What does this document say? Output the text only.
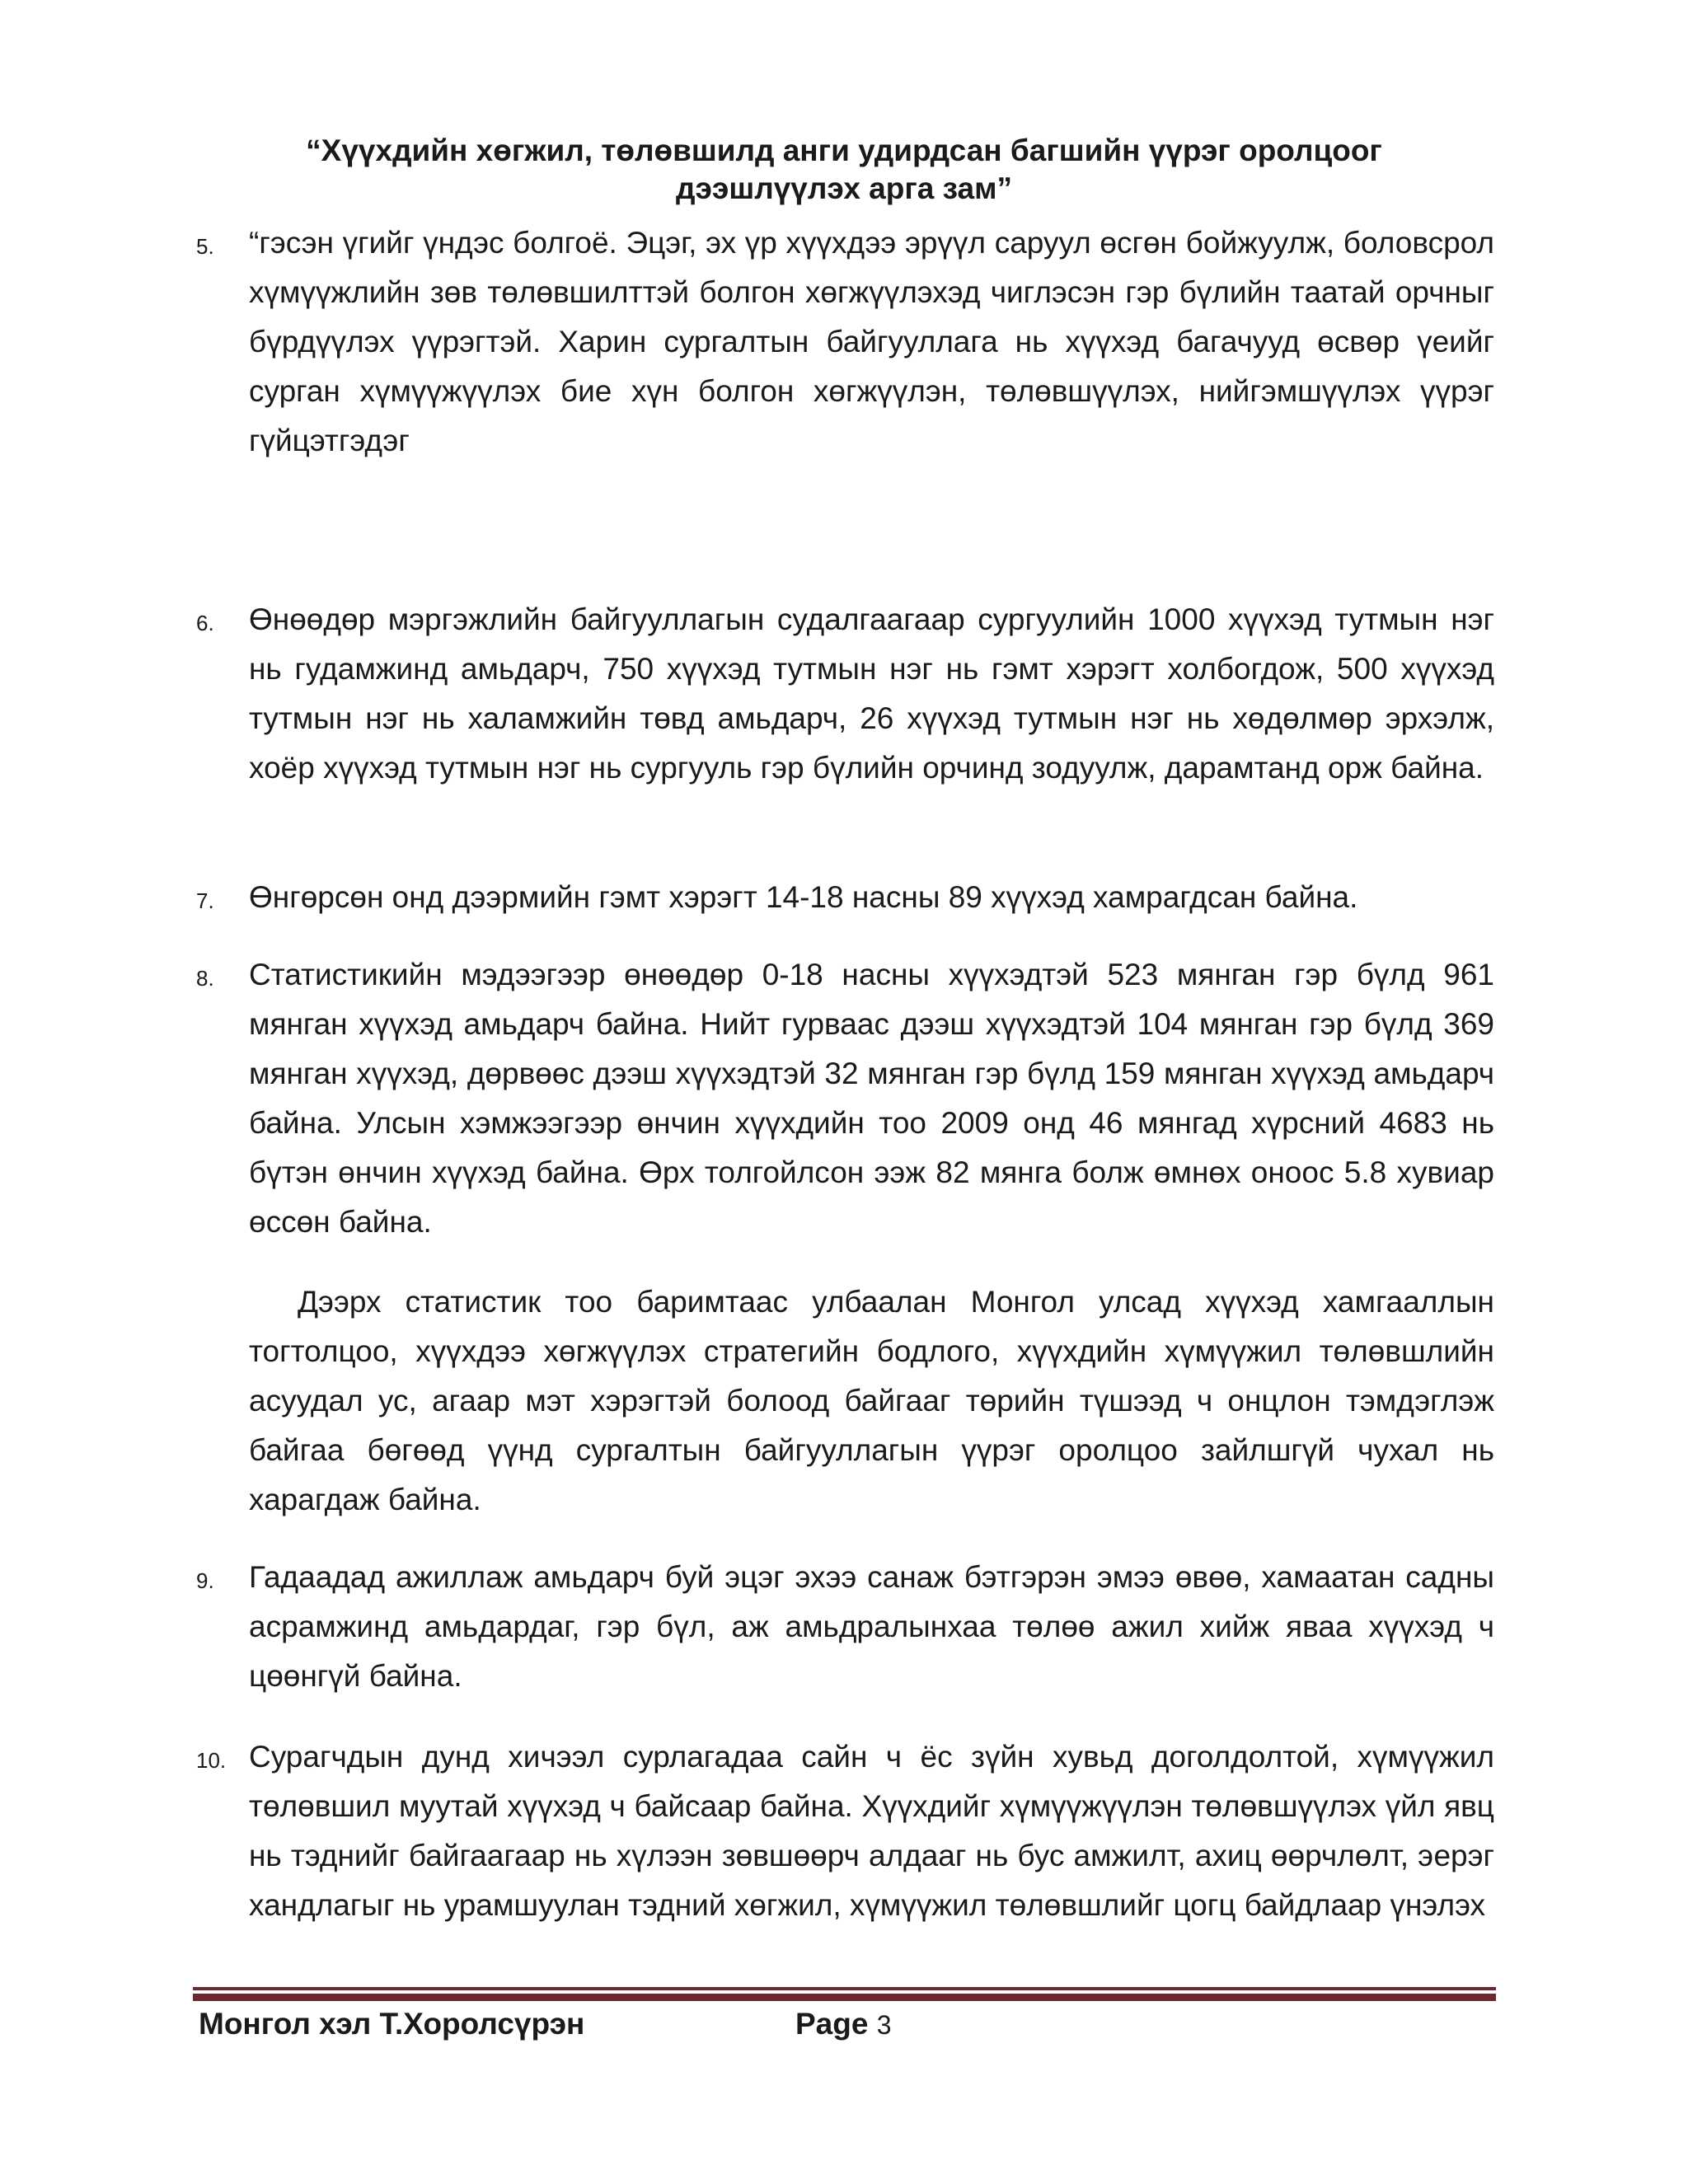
“Хүүхдийн хөгжил, төлөвшилд анги удирдсан багшийн үүрэг оролцоог
дээшлүүлэх арга зам”
5. “гэсэн үгийг үндэс болгоё. Эцэг, эх үр хүүхдээ эрүүл саруул өсгөн бойжуулж, боловсрол хүмүүжлийн зөв төлөвшилттэй болгон хөгжүүлэхэд чиглэсэн гэр бүлийн таатай орчныг бүрдүүлэх үүрэгтэй. Харин сургалтын байгууллага нь хүүхэд багачууд өсвөр үеийг сурган хүмүүжүүлэх бие хүн болгон хөгжүүлэн, төлөвшүүлэх, нийгэмшүүлэх үүрэг гүйцэтгэдэг
6. Өнөөдөр мэргэжлийн байгууллагын судалгаагаар сургуулийн 1000 хүүхэд тутмын нэг нь гудамжинд амьдарч, 750 хүүхэд тутмын нэг нь гэмт хэрэгт холбогдож, 500 хүүхэд тутмын нэг нь халамжийн төвд амьдарч, 26 хүүхэд тутмын нэг нь хөдөлмөр эрхэлж, хоёр хүүхэд тутмын нэг нь сургууль гэр бүлийн орчинд зодуулж, дарамтанд орж байна.
7. Өнгөрсөн онд дээрмийн гэмт хэрэгт 14-18 насны 89 хүүхэд хамрагдсан байна.
8. Статистикийн мэдээгээр өнөөдөр 0-18 насны хүүхэдтэй 523 мянган гэр бүлд 961 мянган хүүхэд амьдарч байна. Нийт гурваас дээш хүүхэдтэй 104 мянган гэр бүлд 369 мянган хүүхэд, дөрвөөс дээш хүүхэдтэй 32 мянган гэр бүлд 159 мянган хүүхэд амьдарч байна. Улсын хэмжээгээр өнчин хүүхдийн тоо 2009 онд 46 мянгад хүрсний 4683 нь бүтэн өнчин хүүхэд байна. Өрх толгойлсон ээж 82 мянга болж өмнөх оноос 5.8 хувиар өссөн байна.
Дээрх статистик тоо баримтаас улбаалан Монгол улсад хүүхэд хамгааллын тогтолцоо, хүүхдээ хөгжүүлэх стратегийн бодлого, хүүхдийн хүмүүжил төлөвшлийн асуудал ус, агаар мэт хэрэгтэй болоод байгааг төрийн түшээд ч онцлон тэмдэглэж байгаа бөгөөд үүнд сургалтын байгууллагын үүрэг оролцоо зайлшгүй чухал нь харагдаж байна.
9. Гадаадад ажиллаж амьдарч буй эцэг эхээ санаж бэтгэрэн эмээ өвөө, хамаатан садны асрамжинд амьдардаг, гэр бүл, аж амьдралынхаа төлөө ажил хийж яваа хүүхэд ч цөөнгүй байна.
10. Сурагчдын дунд хичээл сурлагадаа сайн ч ёс зүйн хувьд доголдолтой, хүмүүжил төлөвшил муутай хүүхэд ч байсаар байна. Хүүхдийг хүмүүжүүлэн төлөвшүүлэх үйл явц нь тэднийг байгаагаар нь хүлээн зөвшөөрч алдааг нь бус амжилт, ахиц өөрчлөлт, эерэг хандлагыг нь урамшуулан тэдний хөгжил, хүмүүжил төлөвшлийг цогц байдлаар үнэлэх
Монгол хэл Т.Хоролсүрэн	Page 3
